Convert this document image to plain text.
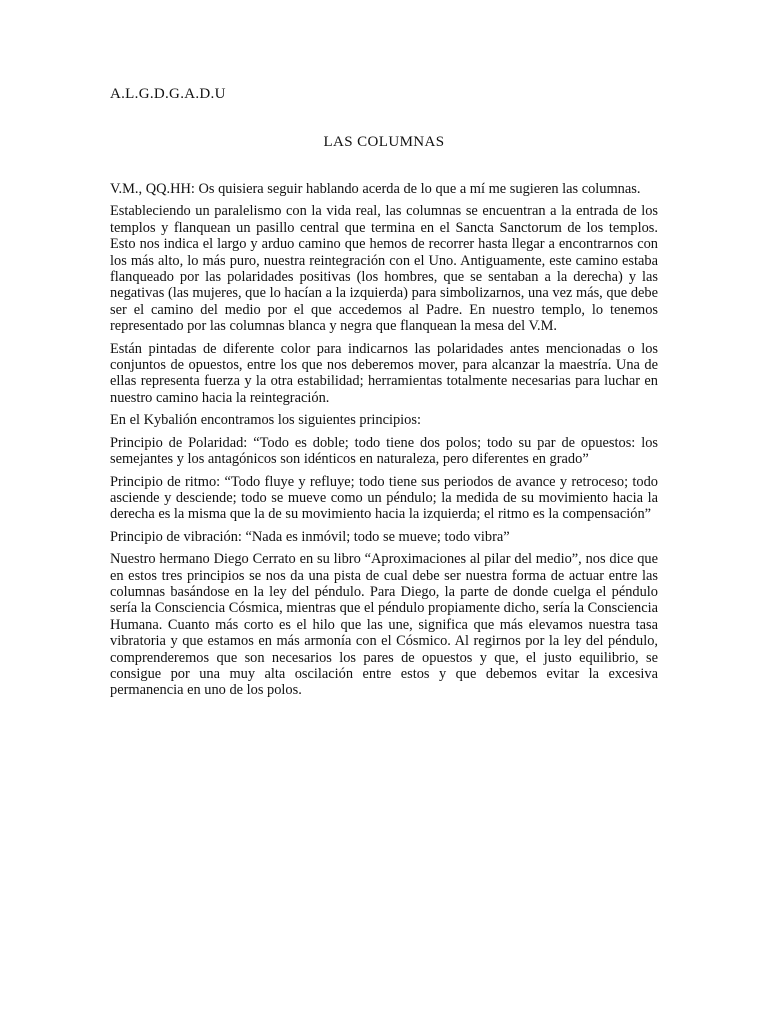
A.L.G.D.G.A.D.U
LAS COLUMNAS

V.M., QQ.HH: Os quisiera seguir hablando acerda de lo que a mí me sugieren las columnas.

Estableciendo un paralelismo con la vida real, las columnas se encuentran a la entrada de los templos y flanquean un pasillo central que termina en el Sancta Sanctorum de los templos. Esto nos indica el largo y arduo camino que hemos de recorrer hasta llegar a encontrarnos con los más alto, lo más puro, nuestra reintegración con el Uno. Antiguamente, este camino estaba flanqueado por las polaridades positivas (los hombres, que se sentaban a la derecha) y las negativas (las mujeres, que lo hacían a la izquierda) para simbolizarnos, una vez más, que debe ser el camino del medio por el que accedemos al Padre. En nuestro templo, lo tenemos representado por las columnas blanca y negra que flanquean la mesa del V.M.

Están pintadas de diferente color para indicarnos las polaridades antes mencionadas o los conjuntos de opuestos, entre los que nos deberemos mover, para alcanzar la maestría. Una de ellas representa fuerza y la otra estabilidad; herramientas totalmente necesarias para luchar en nuestro camino hacia la reintegración.

En el Kybalión encontramos los siguientes principios:

Principio de Polaridad: “Todo es doble; todo tiene dos polos; todo su par de opuestos: los semejantes y los antagónicos son idénticos en naturaleza, pero diferentes en grado”

Principio de ritmo: “Todo fluye y refluye; todo tiene sus periodos de avance y retroceso; todo asciende y desciende; todo se mueve como un péndulo; la medida de su movimiento hacia la derecha es la misma que la de su movimiento hacia la izquierda; el ritmo es la compensación”

Principio de vibración: “Nada es inmóvil; todo se mueve; todo vibra”

Nuestro hermano Diego Cerrato en su libro “Aproximaciones al pilar del medio”, nos dice que en estos tres principios se nos da una pista de cual debe ser nuestra forma de actuar entre las columnas basándose en la ley del péndulo. Para Diego, la parte de donde cuelga el péndulo sería la Consciencia Cósmica, mientras que el péndulo propiamente dicho, sería la Consciencia Humana. Cuanto más corto es el hilo que las une, significa que más elevamos nuestra tasa vibratoria y que estamos en más armonía con el Cósmico. Al regirnos por la ley del péndulo, comprenderemos que son necesarios los pares de opuestos y que, el justo equilibrio, se consigue por una muy alta oscilación entre estos y que debemos evitar la excesiva permanencia en uno de los polos.
